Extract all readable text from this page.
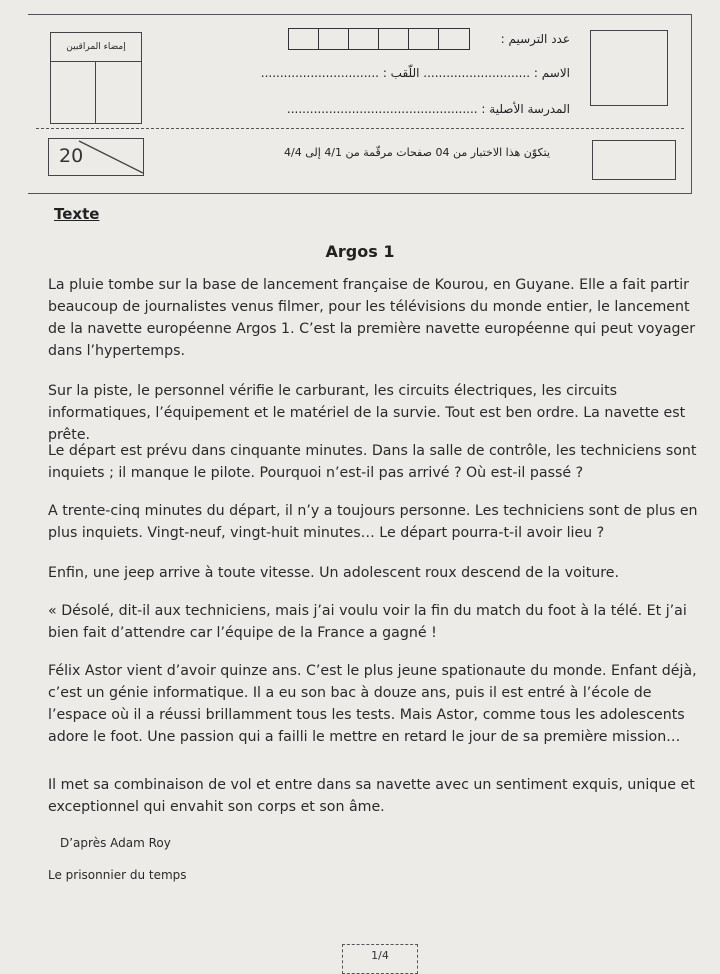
إمضاء المراقبين
عدد الترسيم :
الاسم : ............................ اللّقب : ...............................
المدرسة الأصلية : ..................................................
20	يتكوّن هذا الاختبار من 04 صفحات مرقّمة من 4/1 إلى 4/4
Texte
Argos 1

La pluie tombe sur la base de lancement française de Kourou, en Guyane. Elle a fait partir beaucoup de journalistes venus filmer, pour les télévisions du monde entier, le lancement de la navette européenne Argos 1. C’est la première navette européenne qui peut voyager dans l’hypertemps.

Sur la piste, le personnel vérifie le carburant, les circuits électriques, les circuits informatiques, l’équipement et le matériel de la survie. Tout est ben ordre. La navette est prête.

Le départ est prévu dans cinquante minutes. Dans la salle de contrôle, les techniciens sont inquiets ; il manque le pilote. Pourquoi n’est-il pas arrivé ? Où est-il passé ?

A trente-cinq minutes du départ, il n’y a toujours personne. Les techniciens sont de plus en plus inquiets. Vingt-neuf, vingt-huit minutes… Le départ pourra-t-il avoir lieu ?

Enfin, une jeep arrive à toute vitesse. Un adolescent roux descend de la voiture.

« Désolé, dit-il aux techniciens, mais j’ai voulu voir la fin du match du foot à la télé. Et j’ai bien fait d’attendre car l’équipe de la France a gagné !

Félix Astor vient d’avoir quinze ans. C’est le plus jeune spationaute du monde. Enfant déjà, c’est un génie informatique. Il a eu son bac à douze ans, puis il est entré à l’école de l’espace où il a réussi brillamment tous les tests. Mais Astor, comme tous les adolescents adore le foot. Une passion qui a failli le mettre en retard le jour de sa première mission…

Il met sa combinaison de vol et entre dans sa navette avec un sentiment exquis, unique et exceptionnel qui envahit son corps et son âme.

D’après Adam Roy
Le prisonnier du temps
1/4
